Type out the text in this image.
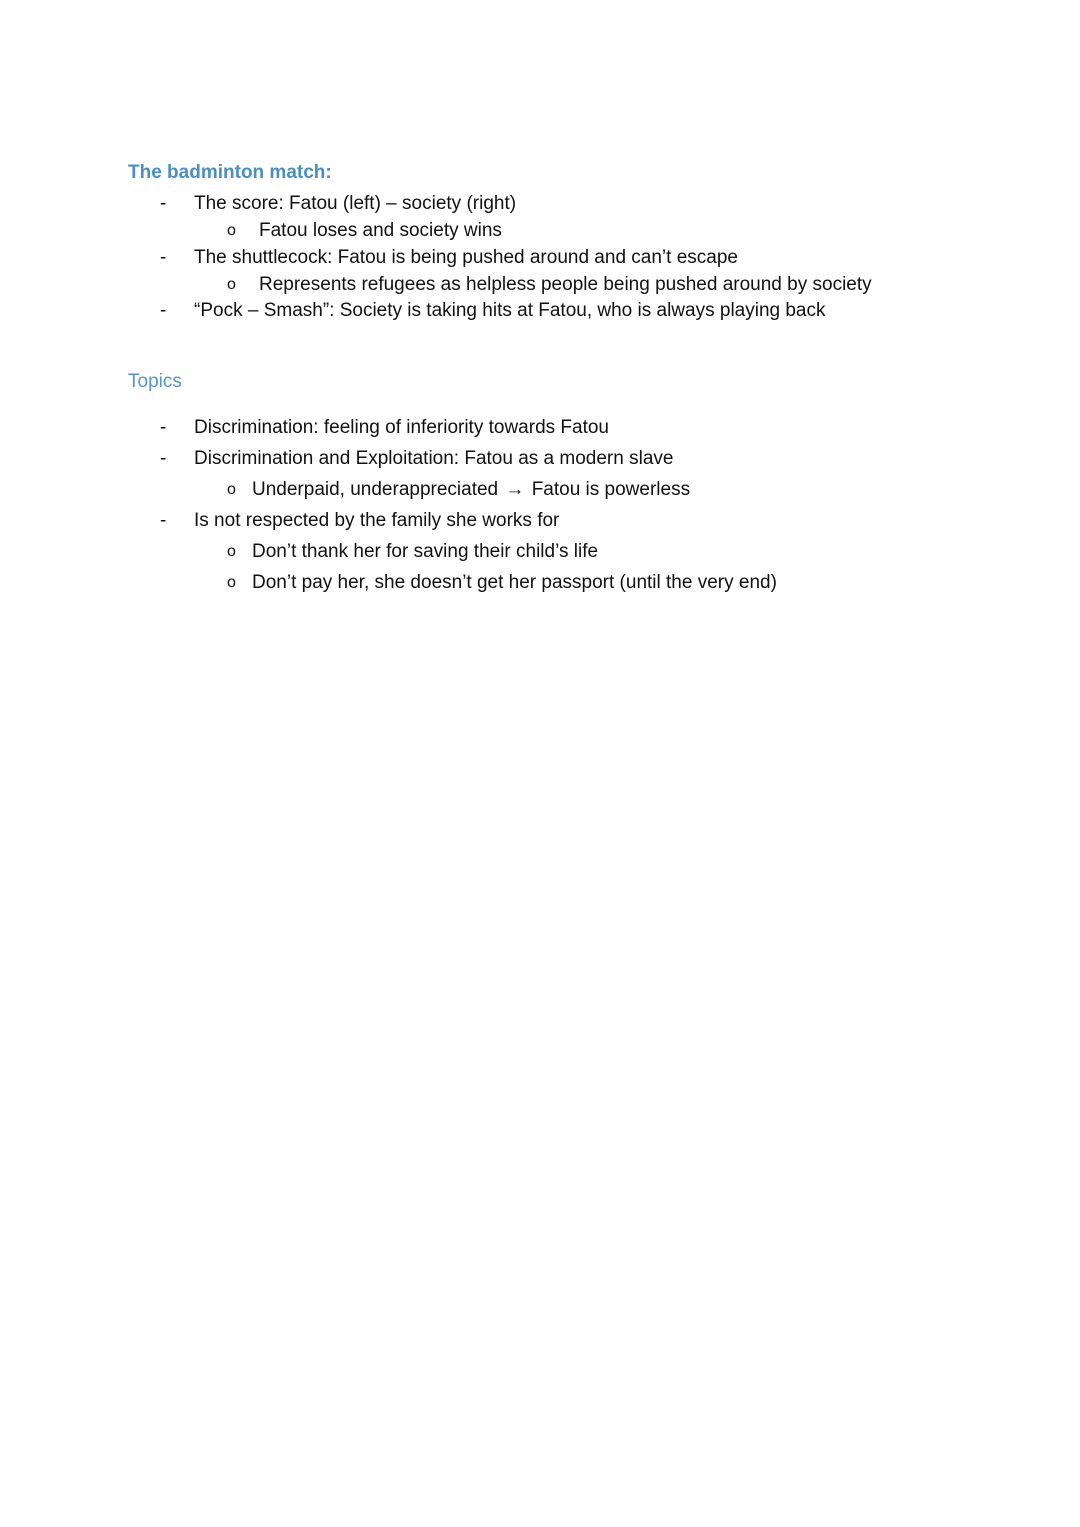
The badminton match:
- The score: Fatou (left) – society (right)
o Fatou loses and society wins
- The shuttlecock: Fatou is being pushed around and can’t escape
o Represents refugees as helpless people being pushed around by society
- “Pock – Smash”: Society is taking hits at Fatou, who is always playing back
Topics
- Discrimination: feeling of inferiority towards Fatou
- Discrimination and Exploitation: Fatou as a modern slave
o Underpaid, underappreciated → Fatou is powerless
- Is not respected by the family she works for
o Don’t thank her for saving their child’s life
o Don’t pay her, she doesn’t get her passport (until the very end)
